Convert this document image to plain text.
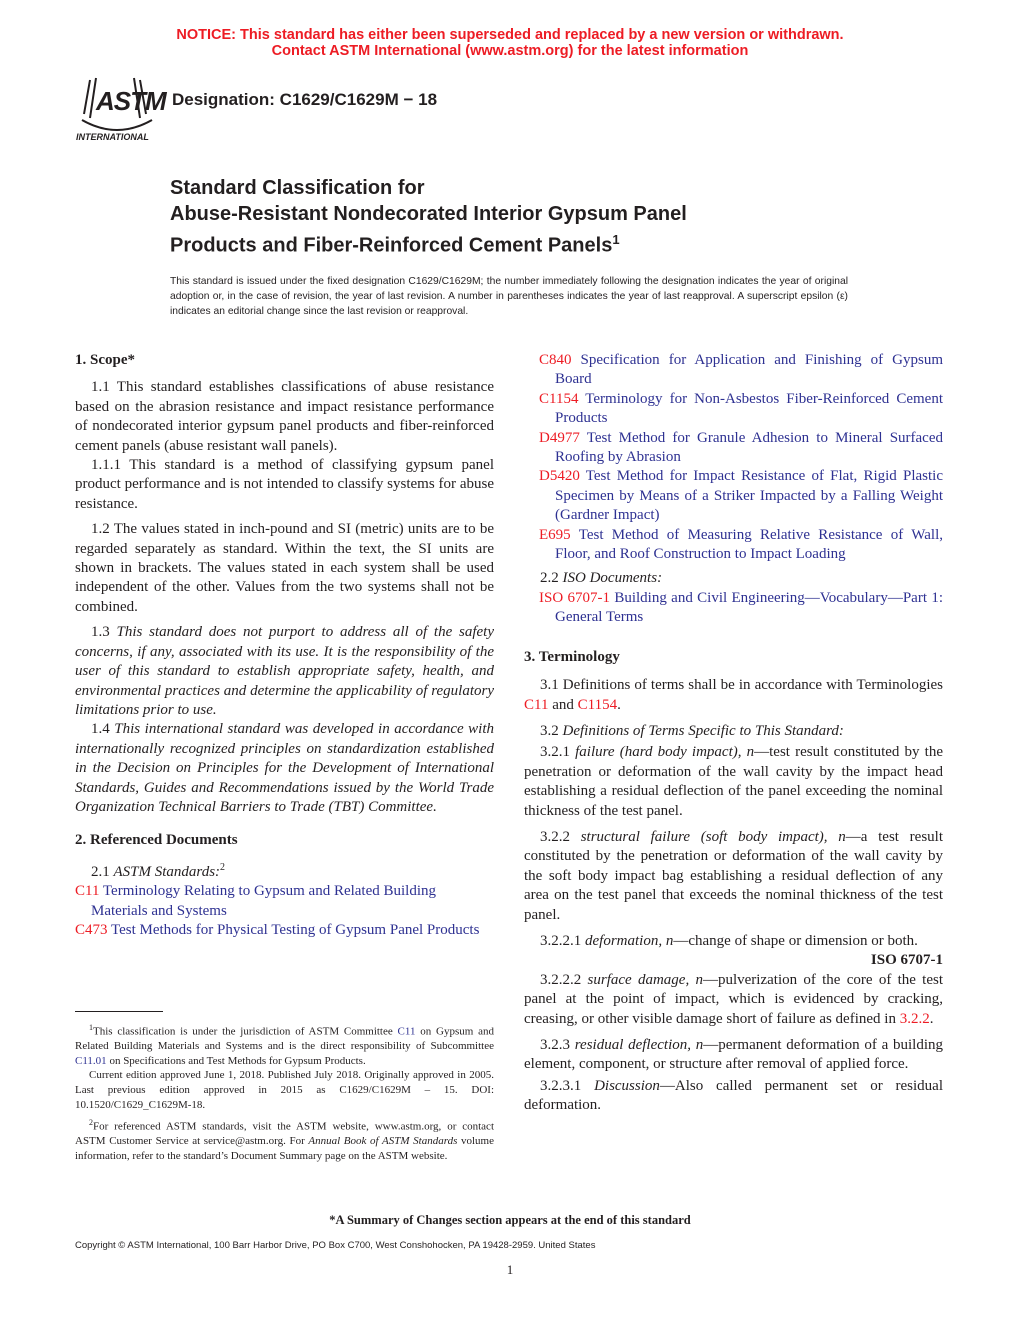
NOTICE: This standard has either been superseded and replaced by a new version or withdrawn.
Contact ASTM International (www.astm.org) for the latest information
ASTM
INTERNATIONAL
Designation: C1629/C1629M − 18
Standard Classification for
Abuse-Resistant Nondecorated Interior Gypsum Panel
Products and Fiber-Reinforced Cement Panels$^1$
This standard is issued under the fixed designation C1629/C1629M; the number immediately following the designation indicates the year of original adoption or, in the case of revision, the year of last revision. A number in parentheses indicates the year of last reapproval. A superscript epsilon (ε) indicates an editorial change since the last revision or reapproval.

1. Scope*

1.1 This standard establishes classifications of abuse resistance based on the abrasion resistance and impact resistance performance of nondecorated interior gypsum panel products and fiber-reinforced cement panels (abuse resistant wall panels).

1.1.1 This standard is a method of classifying gypsum panel product performance and is not intended to classify systems for abuse resistance.

1.2 The values stated in inch-pound and SI (metric) units are to be regarded separately as standard. Within the text, the SI units are shown in brackets. The values stated in each system shall be used independent of the other. Values from the two systems shall not be combined.

1.3 This standard does not purport to address all of the safety concerns, if any, associated with its use. It is the responsibility of the user of this standard to establish appropriate safety, health, and environmental practices and determine the applicability of regulatory limitations prior to use.

1.4 This international standard was developed in accordance with internationally recognized principles on standardization established in the Decision on Principles for the Development of International Standards, Guides and Recommendations issued by the World Trade Organization Technical Barriers to Trade (TBT) Committee.

2. Referenced Documents

2.1 ASTM Standards:$^2$

C11 Terminology Relating to Gypsum and Related Building Materials and Systems

C473 Test Methods for Physical Testing of Gypsum Panel Products

$^1$This classification is under the jurisdiction of ASTM Committee C11 on Gypsum and Related Building Materials and Systems and is the direct responsibility of Subcommittee C11.01 on Specifications and Test Methods for Gypsum Products.
Current edition approved June 1, 2018. Published July 2018. Originally approved in 2005. Last previous edition approved in 2015 as C1629/C1629M – 15. DOI: 10.1520/C1629_C1629M-18.
$^2$For referenced ASTM standards, visit the ASTM website, www.astm.org, or contact ASTM Customer Service at service@astm.org. For Annual Book of ASTM Standards volume information, refer to the standard’s Document Summary page on the ASTM website.

C840 Specification for Application and Finishing of Gypsum Board

C1154 Terminology for Non-Asbestos Fiber-Reinforced Cement Products

D4977 Test Method for Granule Adhesion to Mineral Surfaced Roofing by Abrasion

D5420 Test Method for Impact Resistance of Flat, Rigid Plastic Specimen by Means of a Striker Impacted by a Falling Weight (Gardner Impact)

E695 Test Method of Measuring Relative Resistance of Wall, Floor, and Roof Construction to Impact Loading

2.2 ISO Documents:

ISO 6707-1 Building and Civil Engineering—Vocabulary—Part 1: General Terms

3. Terminology

3.1 Definitions of terms shall be in accordance with Terminologies C11 and C1154.

3.2 Definitions of Terms Specific to This Standard:

3.2.1 failure (hard body impact), n—test result constituted by the penetration or deformation of the wall cavity by the impact head establishing a residual deflection of the panel exceeding the nominal thickness of the test panel.

3.2.2 structural failure (soft body impact), n—a test result constituted by the penetration or deformation of the wall cavity by the soft body impact bag establishing a residual deflection of any area on the test panel that exceeds the nominal thickness of the test panel.

3.2.2.1 deformation, n—change of shape or dimension or both.
ISO 6707-1

3.2.2.2 surface damage, n—pulverization of the core of the test panel at the point of impact, which is evidenced by cracking, creasing, or other visible damage short of failure as defined in 3.2.2.

3.2.3 residual deflection, n—permanent deformation of a building element, component, or structure after removal of applied force.

3.2.3.1 Discussion—Also called permanent set or residual deformation.

*A Summary of Changes section appears at the end of this standard
Copyright © ASTM International, 100 Barr Harbor Drive, PO Box C700, West Conshohocken, PA 19428-2959. United States
1
